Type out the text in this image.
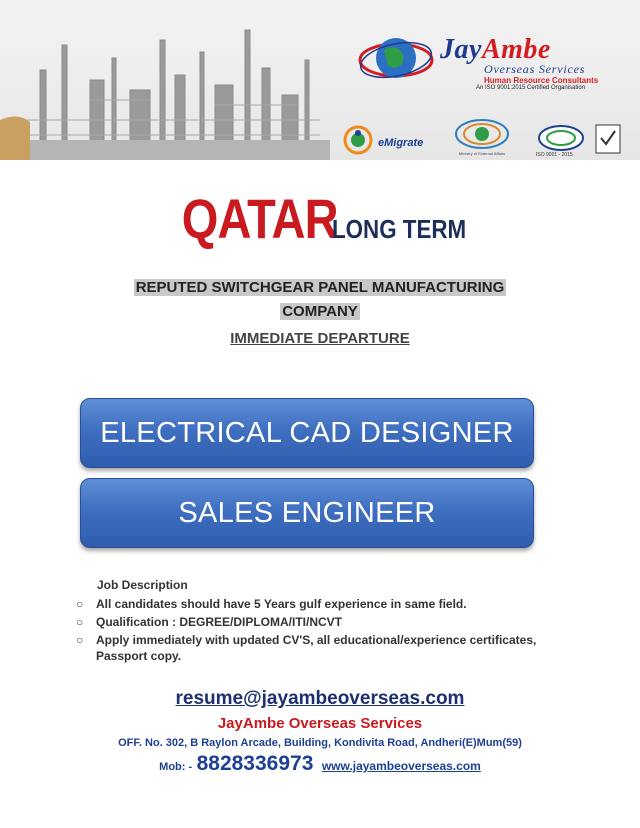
JayAmbe
Overseas Services
Human Resource Consultants
An ISO 9001:2015 Certified Organisation
eMigrate
Ministry of External Affairs	ISO 9001 - 2015
QATAR LONG TERM
REPUTED SWITCHGEAR PANEL MANUFACTURING
COMPANY
IMMEDIATE DEPARTURE
ELECTRICAL CAD DESIGNER
SALES ENGINEER
Job Description
○ All candidates should have 5 Years gulf experience in same field.
○ Qualification : DEGREE/DIPLOMA/ITI/NCVT
○ Apply immediately with updated CV'S, all educational/experience certificates, Passport copy.
resume@jayambeoverseas.com
JayAmbe Overseas Services
OFF. No. 302, B Raylon Arcade, Building, Kondivita Road, Andheri(E)Mum(59)
Mob: - 8828336973 www.jayambeoverseas.com
